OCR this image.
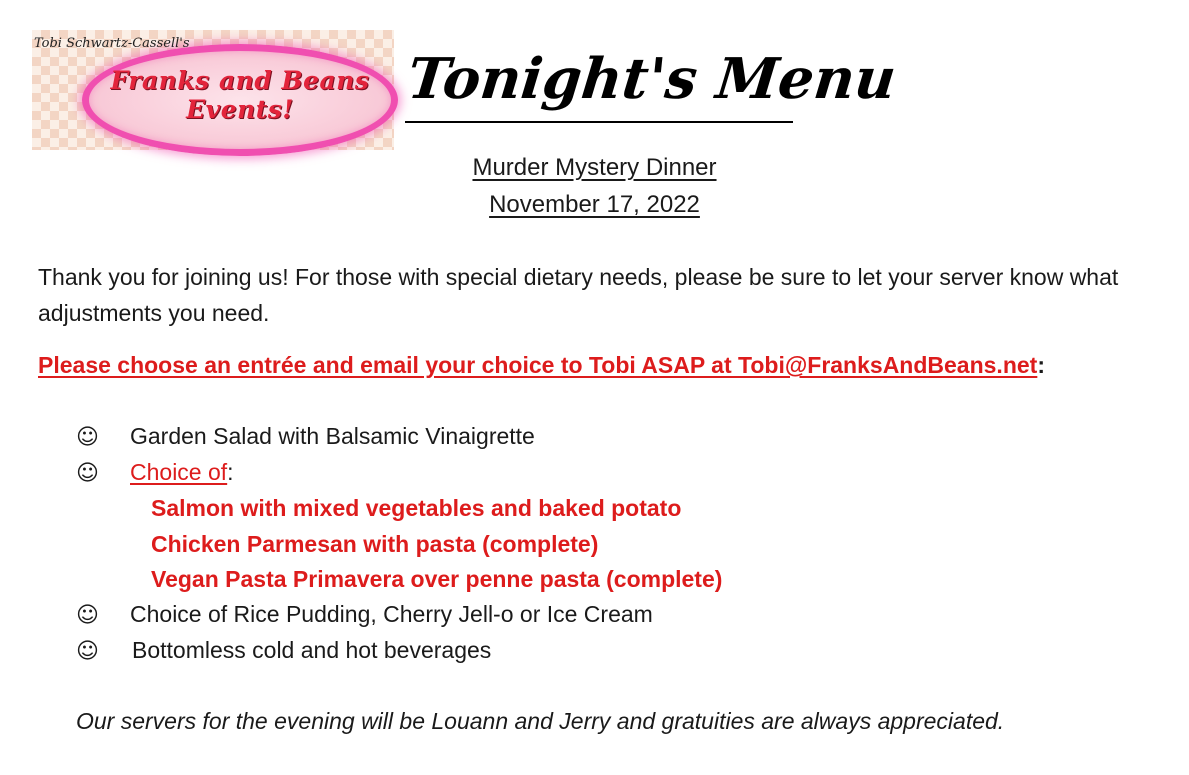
Tobi Schwartz-Cassell's
Franks and Beans
Events!	Tonight's Menu
Murder Mystery Dinner
November 17, 2022
Thank you for joining us! For those with special dietary needs, please be sure to let your server know what adjustments you need.
Please choose an entrée and email your choice to Tobi ASAP at Tobi@FranksAndBeans.net:
☺ Garden Salad with Balsamic Vinaigrette
☺ Choice of:
Salmon with mixed vegetables and baked potato
Chicken Parmesan with pasta (complete)
Vegan Pasta Primavera over penne pasta (complete)
☺ Choice of Rice Pudding, Cherry Jell-o or Ice Cream
☺ Bottomless cold and hot beverages
Our servers for the evening will be Louann and Jerry and gratuities are always appreciated.
